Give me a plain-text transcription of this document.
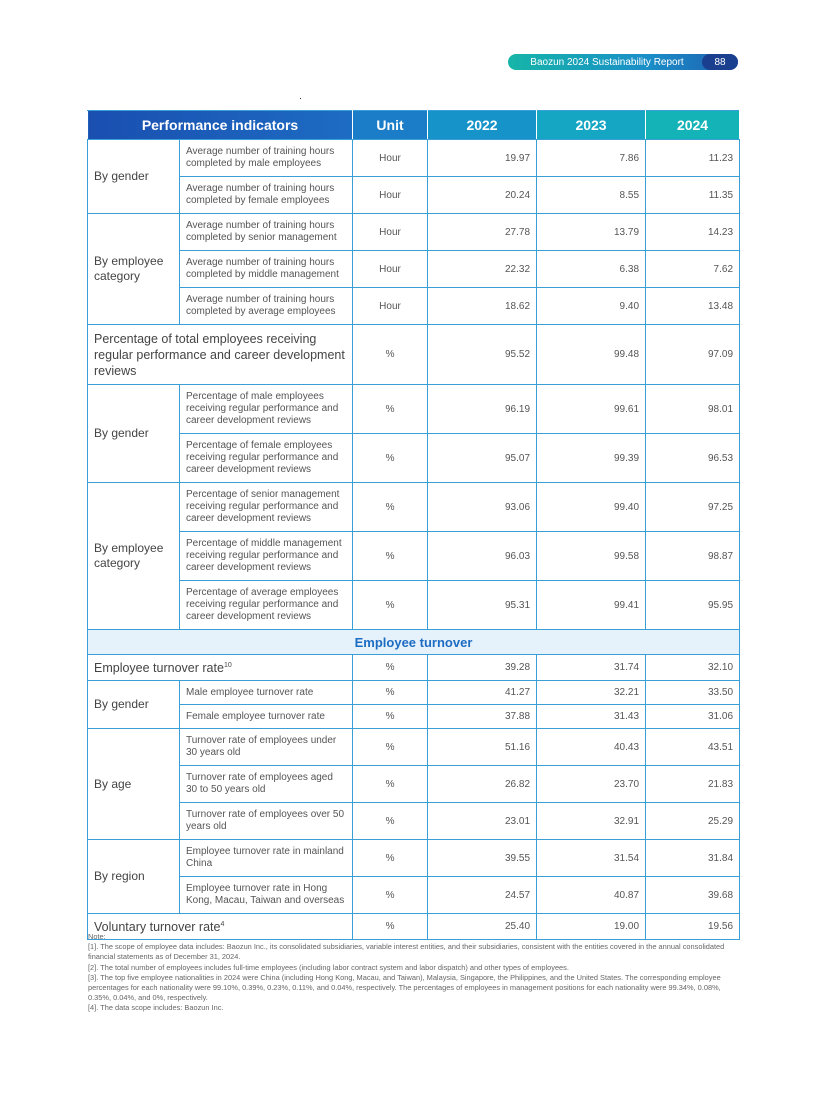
Baozun 2024 Sustainability Report	88
Performance indicators		Unit	2022	2023	2024
By gender	Average number of training hours completed by male employees	Hour	19.97	7.86	11.23
	Average number of training hours completed by female employees	Hour	20.24	8.55	11.35
By employee category	Average number of training hours completed by senior management	Hour	27.78	13.79	14.23
	Average number of training hours completed by middle management	Hour	22.32	6.38	7.62
	Average number of training hours completed by average employees	Hour	18.62	9.40	13.48
Percentage of total employees receiving regular performance and career development reviews		%	95.52	99.48	97.09
By gender	Percentage of male employees receiving regular performance and career development reviews	%	96.19	99.61	98.01
	Percentage of female employees receiving regular performance and career development reviews	%	95.07	99.39	96.53
By employee category	Percentage of senior management receiving regular performance and career development reviews	%	93.06	99.40	97.25
	Percentage of middle management receiving regular performance and career development reviews	%	96.03	99.58	98.87
	Percentage of average employees receiving regular performance and career development reviews	%	95.31	99.41	95.95
Employee turnover					
Employee turnover rate$^{10}$		%	39.28	31.74	32.10
By gender	Male employee turnover rate	%	41.27	32.21	33.50
	Female employee turnover rate	%	37.88	31.43	31.06
By age	Turnover rate of employees under 30 years old	%	51.16	40.43	43.51
	Turnover rate of employees aged 30 to 50 years old	%	26.82	23.70	21.83
	Turnover rate of employees over 50 years old	%	23.01	32.91	25.29
By region	Employee turnover rate in mainland China	%	39.55	31.54	31.84
	Employee turnover rate in Hong Kong, Macau, Taiwan and overseas	%	24.57	40.87	39.68
Voluntary turnover rate$^4$		%	25.40	19.00	19.56

Note:

[1]. The scope of employee data includes: Baozun Inc., its consolidated subsidiaries, variable interest entities, and their subsidiaries, consistent with the entities covered in the annual consolidated financial statements as of December 31, 2024.

[2]. The total number of employees includes full-time employees (including labor contract system and labor dispatch) and other types of employees.

[3]. The top five employee nationalities in 2024 were China (including Hong Kong, Macau, and Taiwan), Malaysia, Singapore, the Philippines, and the United States. The corresponding employee percentages for each nationality were 99.10%, 0.39%, 0.23%, 0.11%, and 0.04%, respectively. The percentages of employees in management positions for each nationality were 99.34%, 0.08%, 0.35%, 0.04%, and 0%, respectively.

[4]. The data scope includes: Baozun Inc.
